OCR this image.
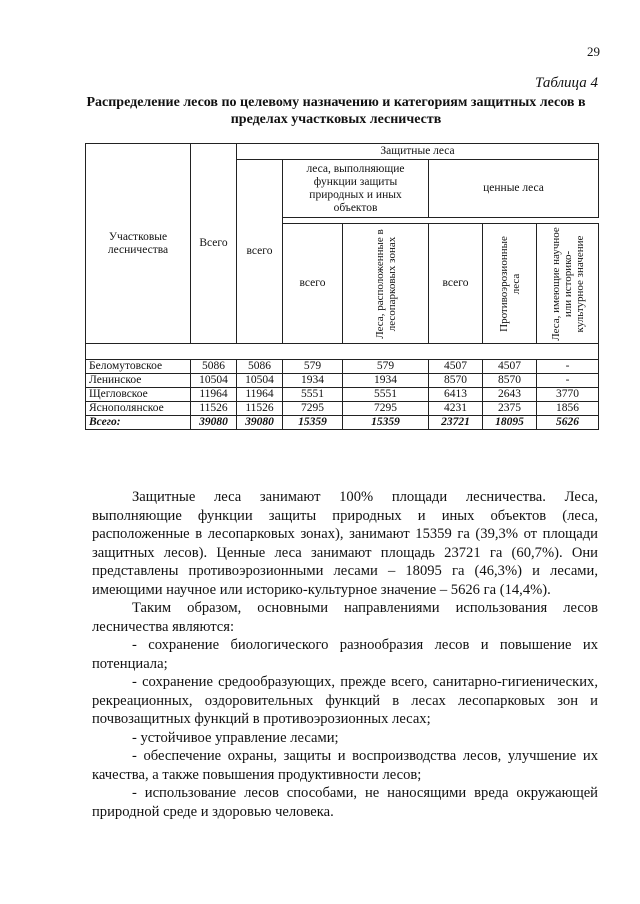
29
Таблица 4
Распределение лесов по целевому назначению и категориям защитных лесов в пределах участковых лесничеств
Участковые лесничества	Всего	Защитные леса					
		всего	леса, выполняющие функции защиты природных и иных объектов		ценные леса		

			всего	Леса, расположенные в лесопарковых зонах	всего	Противоэрозионные леса	Леса, имеющие научное или историко-культурное значение

Беломутовское	5086	5086	579	579	4507	4507	-
Ленинское	10504	10504	1934	1934	8570	8570	-
Щегловское	11964	11964	5551	5551	6413	2643	3770
Яснополянское	11526	11526	7295	7295	4231	2375	1856
Всего:	39080	39080	15359	15359	23721	18095	5626

Защитные леса занимают 100% площади лесничества. Леса, выполняющие функции защиты природных и иных объектов (леса, расположенные в лесопарковых зонах), занимают 15359 га (39,3% от площади защитных лесов). Ценные леса занимают площадь 23721 га (60,7%). Они представлены противоэрозионными лесами – 18095 га (46,3%) и лесами, имеющими научное или историко-культурное значение – 5626 га (14,4%).

Таким образом, основными направлениями использования лесов лесничества являются:

- сохранение биологического разнообразия лесов и повышение их потенциала;

- сохранение средообразующих, прежде всего, санитарно-гигиенических, рекреационных, оздоровительных функций в лесах лесопарковых зон и почвозащитных функций в противоэрозионных лесах;

- устойчивое управление лесами;

- обеспечение охраны, защиты и воспроизводства лесов, улучшение их качества, а также повышения продуктивности лесов;

- использование лесов способами, не наносящими вреда окружающей природной среде и здоровью человека.
